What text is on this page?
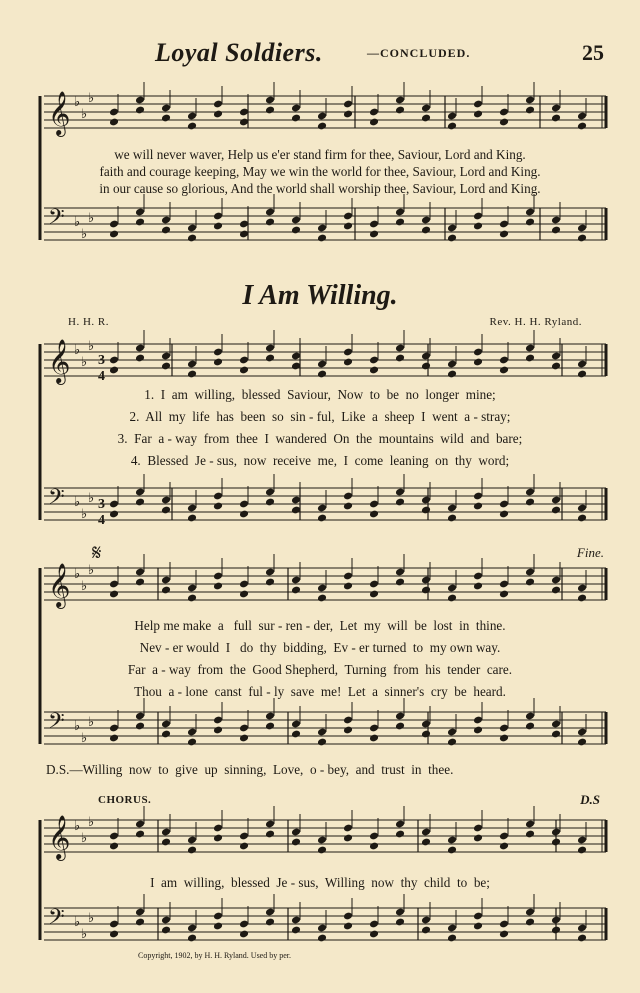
𝄞 ♭
♭
♭
𝄢 ♭
♭
♭
𝄞 ♭
♭
♭
𝄢 ♭
♭
♭
𝄞 ♭
♭
♭
𝄢 ♭
♭
♭
𝄞 ♭
♭
♭
𝄢 ♭
♭
♭
3
4
3
4
Loyal Soldiers.	—CONCLUDED.	25
we will never waver, Help us e'er stand firm for thee, Saviour, Lord and King.
faith and courage keeping, May we win the world for thee, Saviour, Lord and King.
in our cause so glorious, And the world shall worship thee, Saviour, Lord and King.
I Am Willing.
H. H. R.	Rev. H. H. Ryland.
1.  I  am  willing,  blessed  Saviour,  Now  to  be  no  longer  mine;
2.  All  my  life  has  been  so  sin - ful,  Like  a  sheep  I  went  a - stray;
3.  Far  a - way  from  thee  I  wandered  On  the  mountains  wild  and  bare;
4.  Blessed  Je - sus,  now  receive  me,  I  come  leaning  on  thy  word;
𝄋	Fine.
Help me make  a   full  sur - ren - der,  Let  my  will  be  lost  in  thine.
Nev - er would  I   do  thy  bidding,  Ev - er turned  to  my own way.
Far  a - way  from  the  Good Shepherd,  Turning  from  his  tender  care.
Thou  a - lone  canst  ful - ly  save  me!  Let  a  sinner's  cry  be  heard.
D.S.—Willing  now  to  give  up  sinning,  Love,  o - bey,  and  trust  in  thee.
CHORUS.	D.S
I  am  willing,  blessed  Je - sus,  Willing  now  thy  child  to  be;
Copyright, 1902, by H. H. Ryland. Used by per.
